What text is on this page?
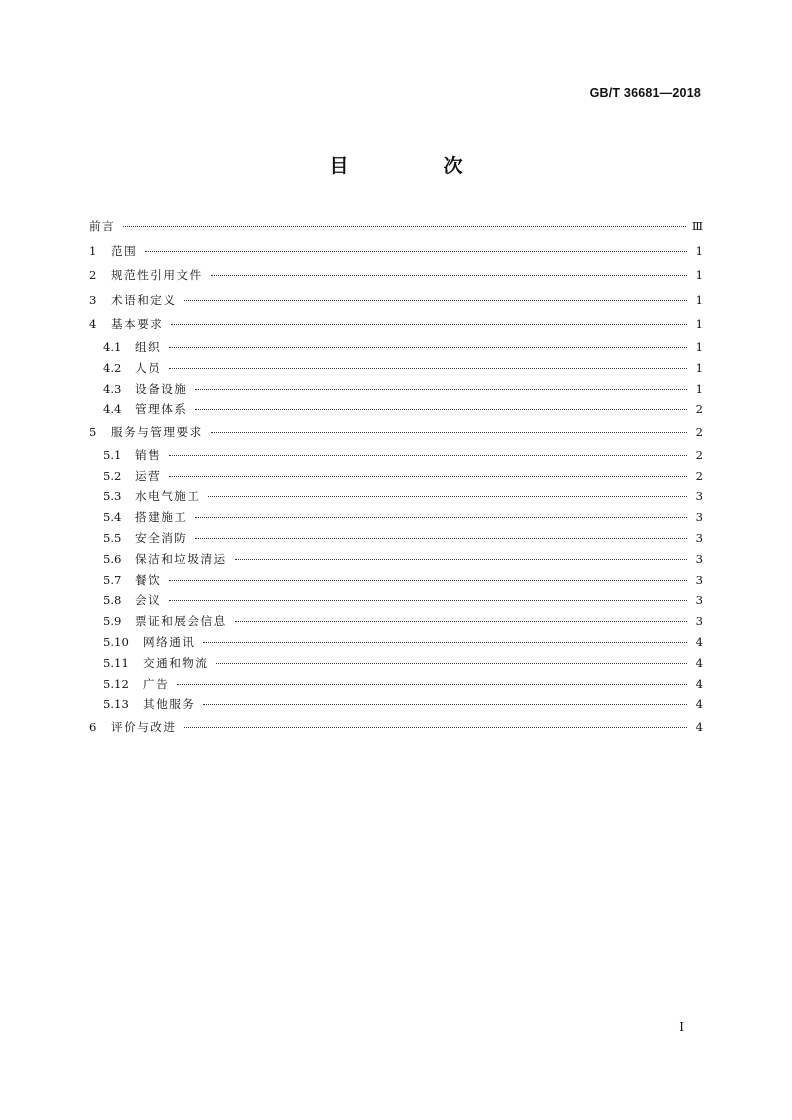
GB/T 36681—2018
目　次
前言	Ⅲ
1	范围	1
2	规范性引用文件	1
3	术语和定义	1
4	基本要求	1
4.1	组织	1
4.2	人员	1
4.3	设备设施	1
4.4	管理体系	2
5	服务与管理要求	2
5.1	销售	2
5.2	运营	2
5.3	水电气施工	3
5.4	搭建施工	3
5.5	安全消防	3
5.6	保洁和垃圾清运	3
5.7	餐饮	3
5.8	会议	3
5.9	票证和展会信息	3
5.10	网络通讯	4
5.11	交通和物流	4
5.12	广告	4
5.13	其他服务	4
6	评价与改进	4
I
